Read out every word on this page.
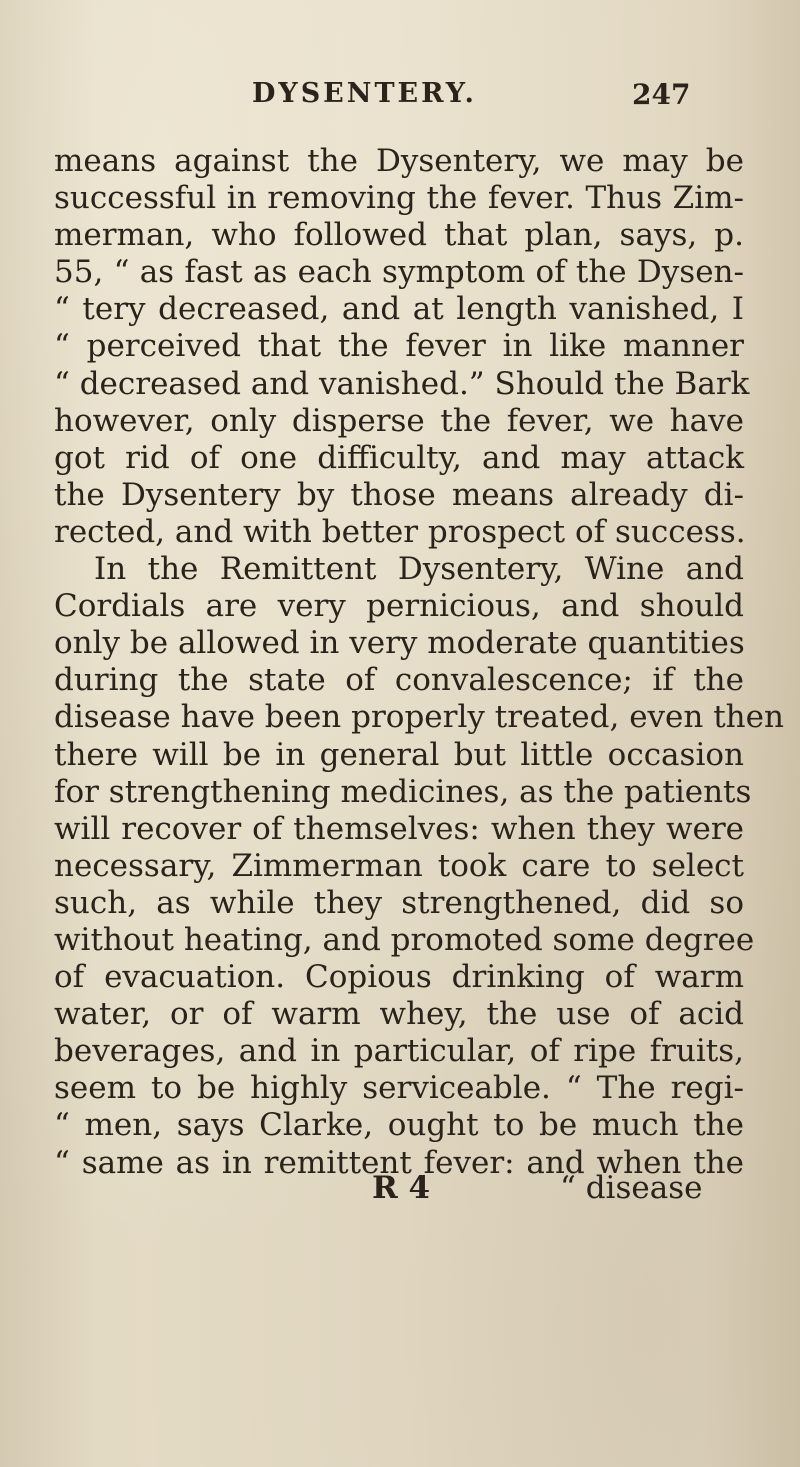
DYSENTERY.	247
means against the Dysentery, we may be
successful in removing the fever. Thus Zim-
merman, who followed that plan, says, p.
55, “ as fast as each symptom of the Dysen-
“ tery decreased, and at length vanished, I
“ perceived that the fever in like manner
“ decreased and vanished.” Should the Bark
however, only disperse the fever, we have
got rid of one difficulty, and may attack
the Dysentery by those means already di-
rected, and with better prospect of success.
In the Remittent Dysentery, Wine and
Cordials are very pernicious, and should
only be allowed in very moderate quantities
during the state of convalescence; if the
disease have been properly treated, even then
there will be in general but little occasion
for strengthening medicines, as the patients
will recover of themselves: when they were
necessary, Zimmerman took care to select
such, as while they strengthened, did so
without heating, and promoted some degree
of evacuation. Copious drinking of warm
water, or of warm whey, the use of acid
beverages, and in particular, of ripe fruits,
seem to be highly serviceable. “ The regi-
“ men, says Clarke, ought to be much the
“ same as in remittent fever: and when the
R 4	“ disease
